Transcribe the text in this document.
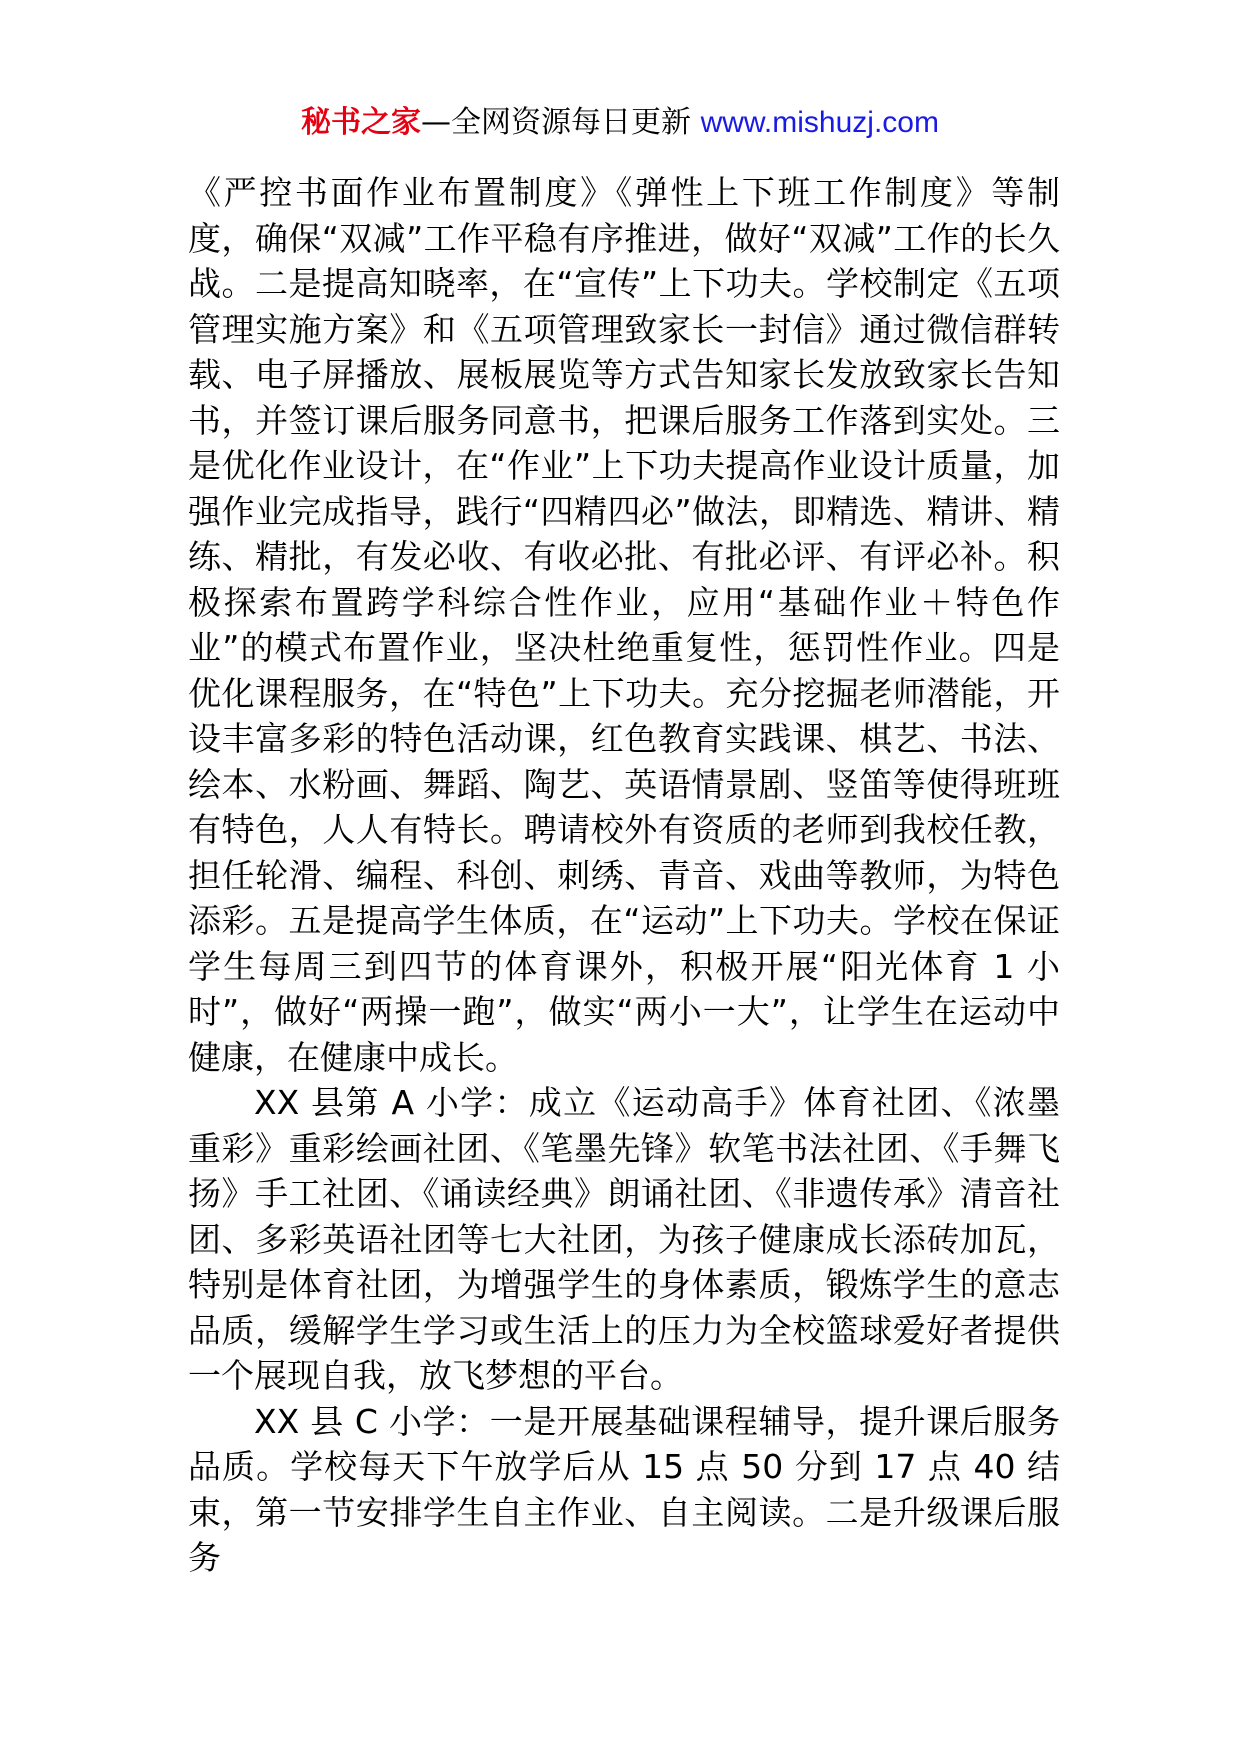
秘书之家—全网资源每日更新 www.mishuzj.com

《严控书面作业布置制度》《弹性上下班工作制度》等制度，确保“双减”工作平稳有序推进，做好“双减”工作的长久战。二是提高知晓率，在“宣传”上下功夫。学校制定《五项管理实施方案》和《五项管理致家长一封信》通过微信群转载、电子屏播放、展板展览等方式告知家长发放致家长告知书，并签订课后服务同意书，把课后服务工作落到实处。三是优化作业设计，在“作业”上下功夫提高作业设计质量，加强作业完成指导，践行“四精四必”做法，即精选、精讲、精练、精批，有发必收、有收必批、有批必评、有评必补。积极探索布置跨学科综合性作业，应用“基础作业＋特色作业”的模式布置作业，坚决杜绝重复性，惩罚性作业。四是优化课程服务，在“特色”上下功夫。充分挖掘老师潜能，开设丰富多彩的特色活动课，红色教育实践课、棋艺、书法、绘本、水粉画、舞蹈、陶艺、英语情景剧、竖笛等使得班班有特色，人人有特长。聘请校外有资质的老师到我校任教，担任轮滑、编程、科创、刺绣、青音、戏曲等教师，为特色添彩。五是提高学生体质，在“运动”上下功夫。学校在保证学生每周三到四节的体育课外，积极开展“阳光体育 1 小时”，做好“两操一跑”，做实“两小一大”，让学生在运动中健康，在健康中成长。

XX 县第 A 小学：成立《运动高手》体育社团、《浓墨重彩》重彩绘画社团、《笔墨先锋》软笔书法社团、《手舞飞扬》手工社团、《诵读经典》朗诵社团、《非遗传承》清音社团、多彩英语社团等七大社团，为孩子健康成长添砖加瓦，特别是体育社团，为增强学生的身体素质，锻炼学生的意志品质，缓解学生学习或生活上的压力为全校篮球爱好者提供一个展现自我，放飞梦想的平台。

XX 县 C 小学：一是开展基础课程辅导，提升课后服务品质。学校每天下午放学后从 15 点 50 分到 17 点 40 结束，第一节安排学生自主作业、自主阅读。二是升级课后服务
